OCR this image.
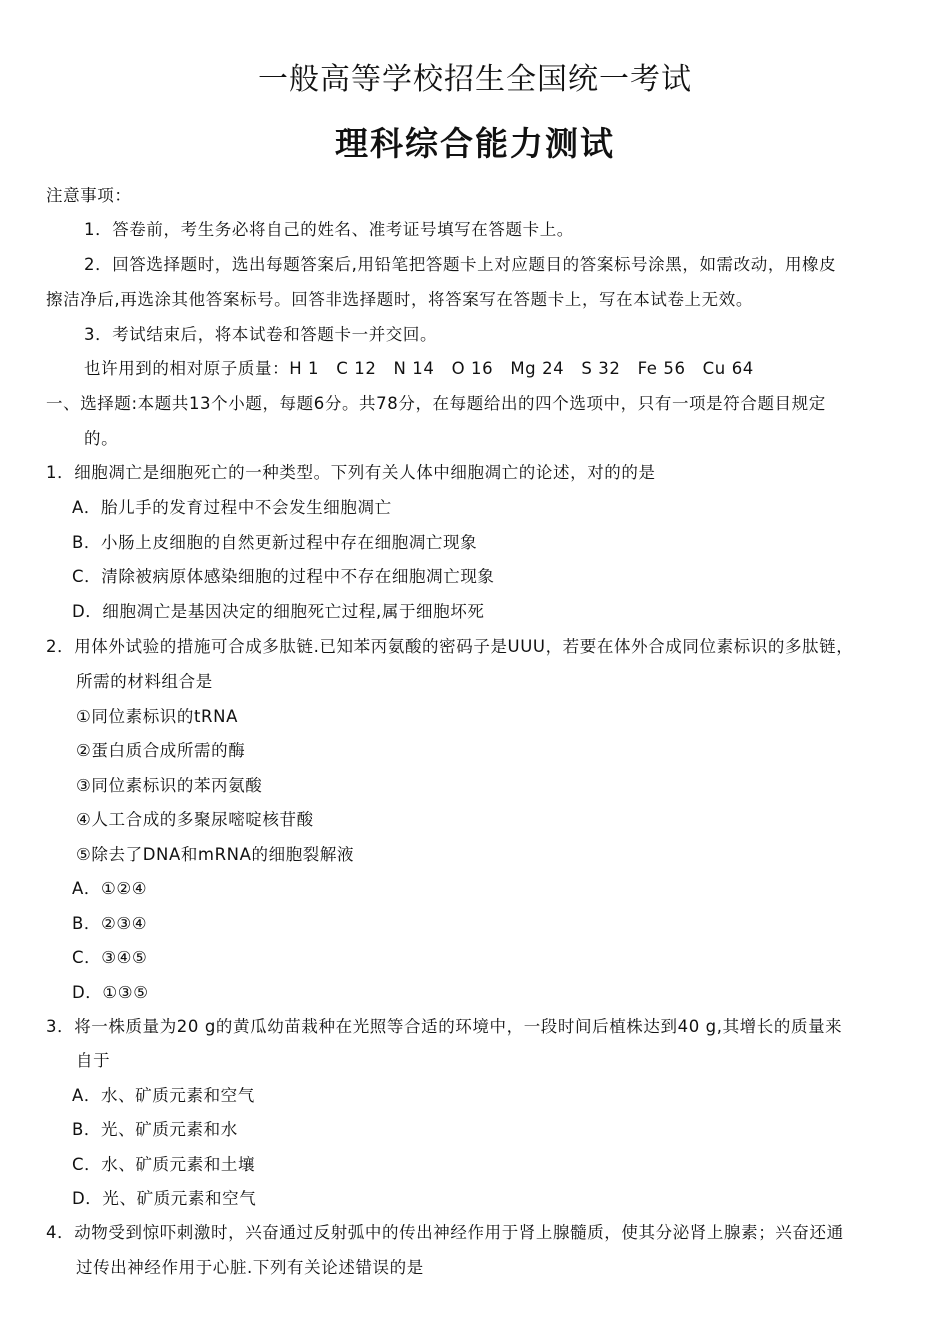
一般高等学校招生全国统一考试
理科综合能力测试
注意事项：
1．答卷前，考生务必将自己的姓名、准考证号填写在答题卡上。
2．回答选择题时，选出每题答案后,用铅笔把答题卡上对应题目的答案标号涂黑，如需改动，用橡皮
擦洁净后,再选涂其他答案标号。回答非选择题时，将答案写在答题卡上，写在本试卷上无效。
3．考试结束后，将本试卷和答题卡一并交回。
也许用到的相对原子质量：H 1　C 12　N 14　O 16　Mg 24　S 32　Fe 56　Cu 64
一、选择题:本题共13个小题，每题6分。共78分，在每题给出的四个选项中，只有一项是符合题目规定
的。
1．细胞凋亡是细胞死亡的一种类型。下列有关人体中细胞凋亡的论述，对的的是
A．胎儿手的发育过程中不会发生细胞凋亡
B．小肠上皮细胞的自然更新过程中存在细胞凋亡现象
C．清除被病原体感染细胞的过程中不存在细胞凋亡现象
D．细胞凋亡是基因决定的细胞死亡过程,属于细胞坏死
2．用体外试验的措施可合成多肽链.已知苯丙氨酸的密码子是UUU，若要在体外合成同位素标识的多肽链，
所需的材料组合是
①同位素标识的tRNA
②蛋白质合成所需的酶
③同位素标识的苯丙氨酸
④人工合成的多聚尿嘧啶核苷酸
⑤除去了DNA和mRNA的细胞裂解液
A．①②④
B．②③④
C．③④⑤
D．①③⑤
3．将一株质量为20 g的黄瓜幼苗栽种在光照等合适的环境中，一段时间后植株达到40 g,其增长的质量来
自于
A．水、矿质元素和空气
B．光、矿质元素和水
C．水、矿质元素和土壤
D．光、矿质元素和空气
4．动物受到惊吓刺激时，兴奋通过反射弧中的传出神经作用于肾上腺髓质，使其分泌肾上腺素；兴奋还通
过传出神经作用于心脏.下列有关论述错误的是
